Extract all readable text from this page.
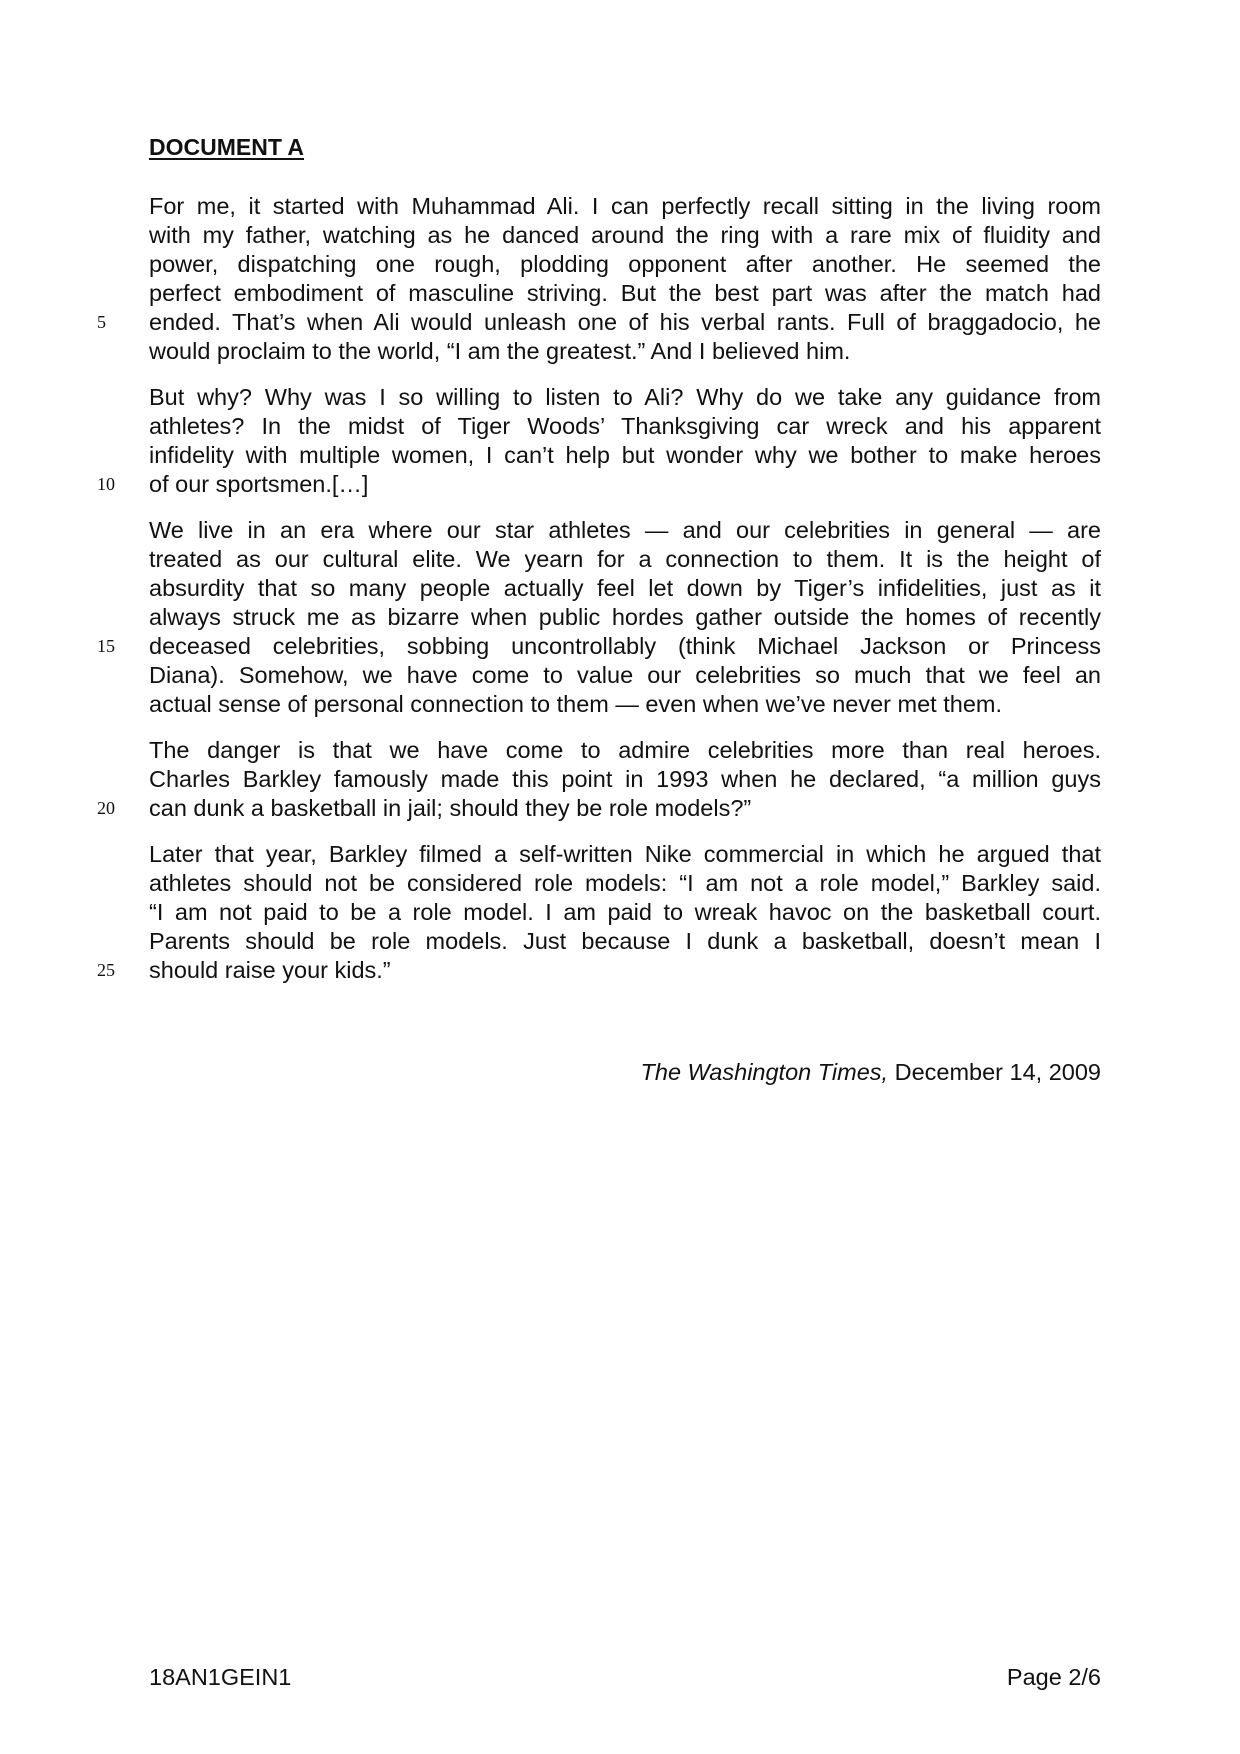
DOCUMENT A
For me, it started with Muhammad Ali. I can perfectly recall sitting in the living room
with my father, watching as he danced around the ring with a rare mix of fluidity and
power, dispatching one rough, plodding opponent after another. He seemed the
perfect embodiment of masculine striving. But the best part was after the match had
ended. That’s when Ali would unleash one of his verbal rants. Full of braggadocio, he
would proclaim to the world, “I am the greatest.” And I believed him.
But why? Why was I so willing to listen to Ali? Why do we take any guidance from
athletes? In the midst of Tiger Woods’ Thanksgiving car wreck and his apparent
infidelity with multiple women, I can’t help but wonder why we bother to make heroes
of our sportsmen.[…]
We live in an era where our star athletes — and our celebrities in general — are
treated as our cultural elite. We yearn for a connection to them. It is the height of
absurdity that so many people actually feel let down by Tiger’s infidelities, just as it
always struck me as bizarre when public hordes gather outside the homes of recently
deceased celebrities, sobbing uncontrollably (think Michael Jackson or Princess
Diana). Somehow, we have come to value our celebrities so much that we feel an
actual sense of personal connection to them — even when we’ve never met them.
The danger is that we have come to admire celebrities more than real heroes.
Charles Barkley famously made this point in 1993 when he declared, “a million guys
can dunk a basketball in jail; should they be role models?”
Later that year, Barkley filmed a self-written Nike commercial in which he argued that
athletes should not be considered role models: “I am not a role model,” Barkley said.
“I am not paid to be a role model. I am paid to wreak havoc on the basketball court.
Parents should be role models. Just because I dunk a basketball, doesn’t mean I
should raise your kids.”
5
10
15
20
25
The Washington Times, December 14, 2009
18AN1GEIN1	Page 2/6
